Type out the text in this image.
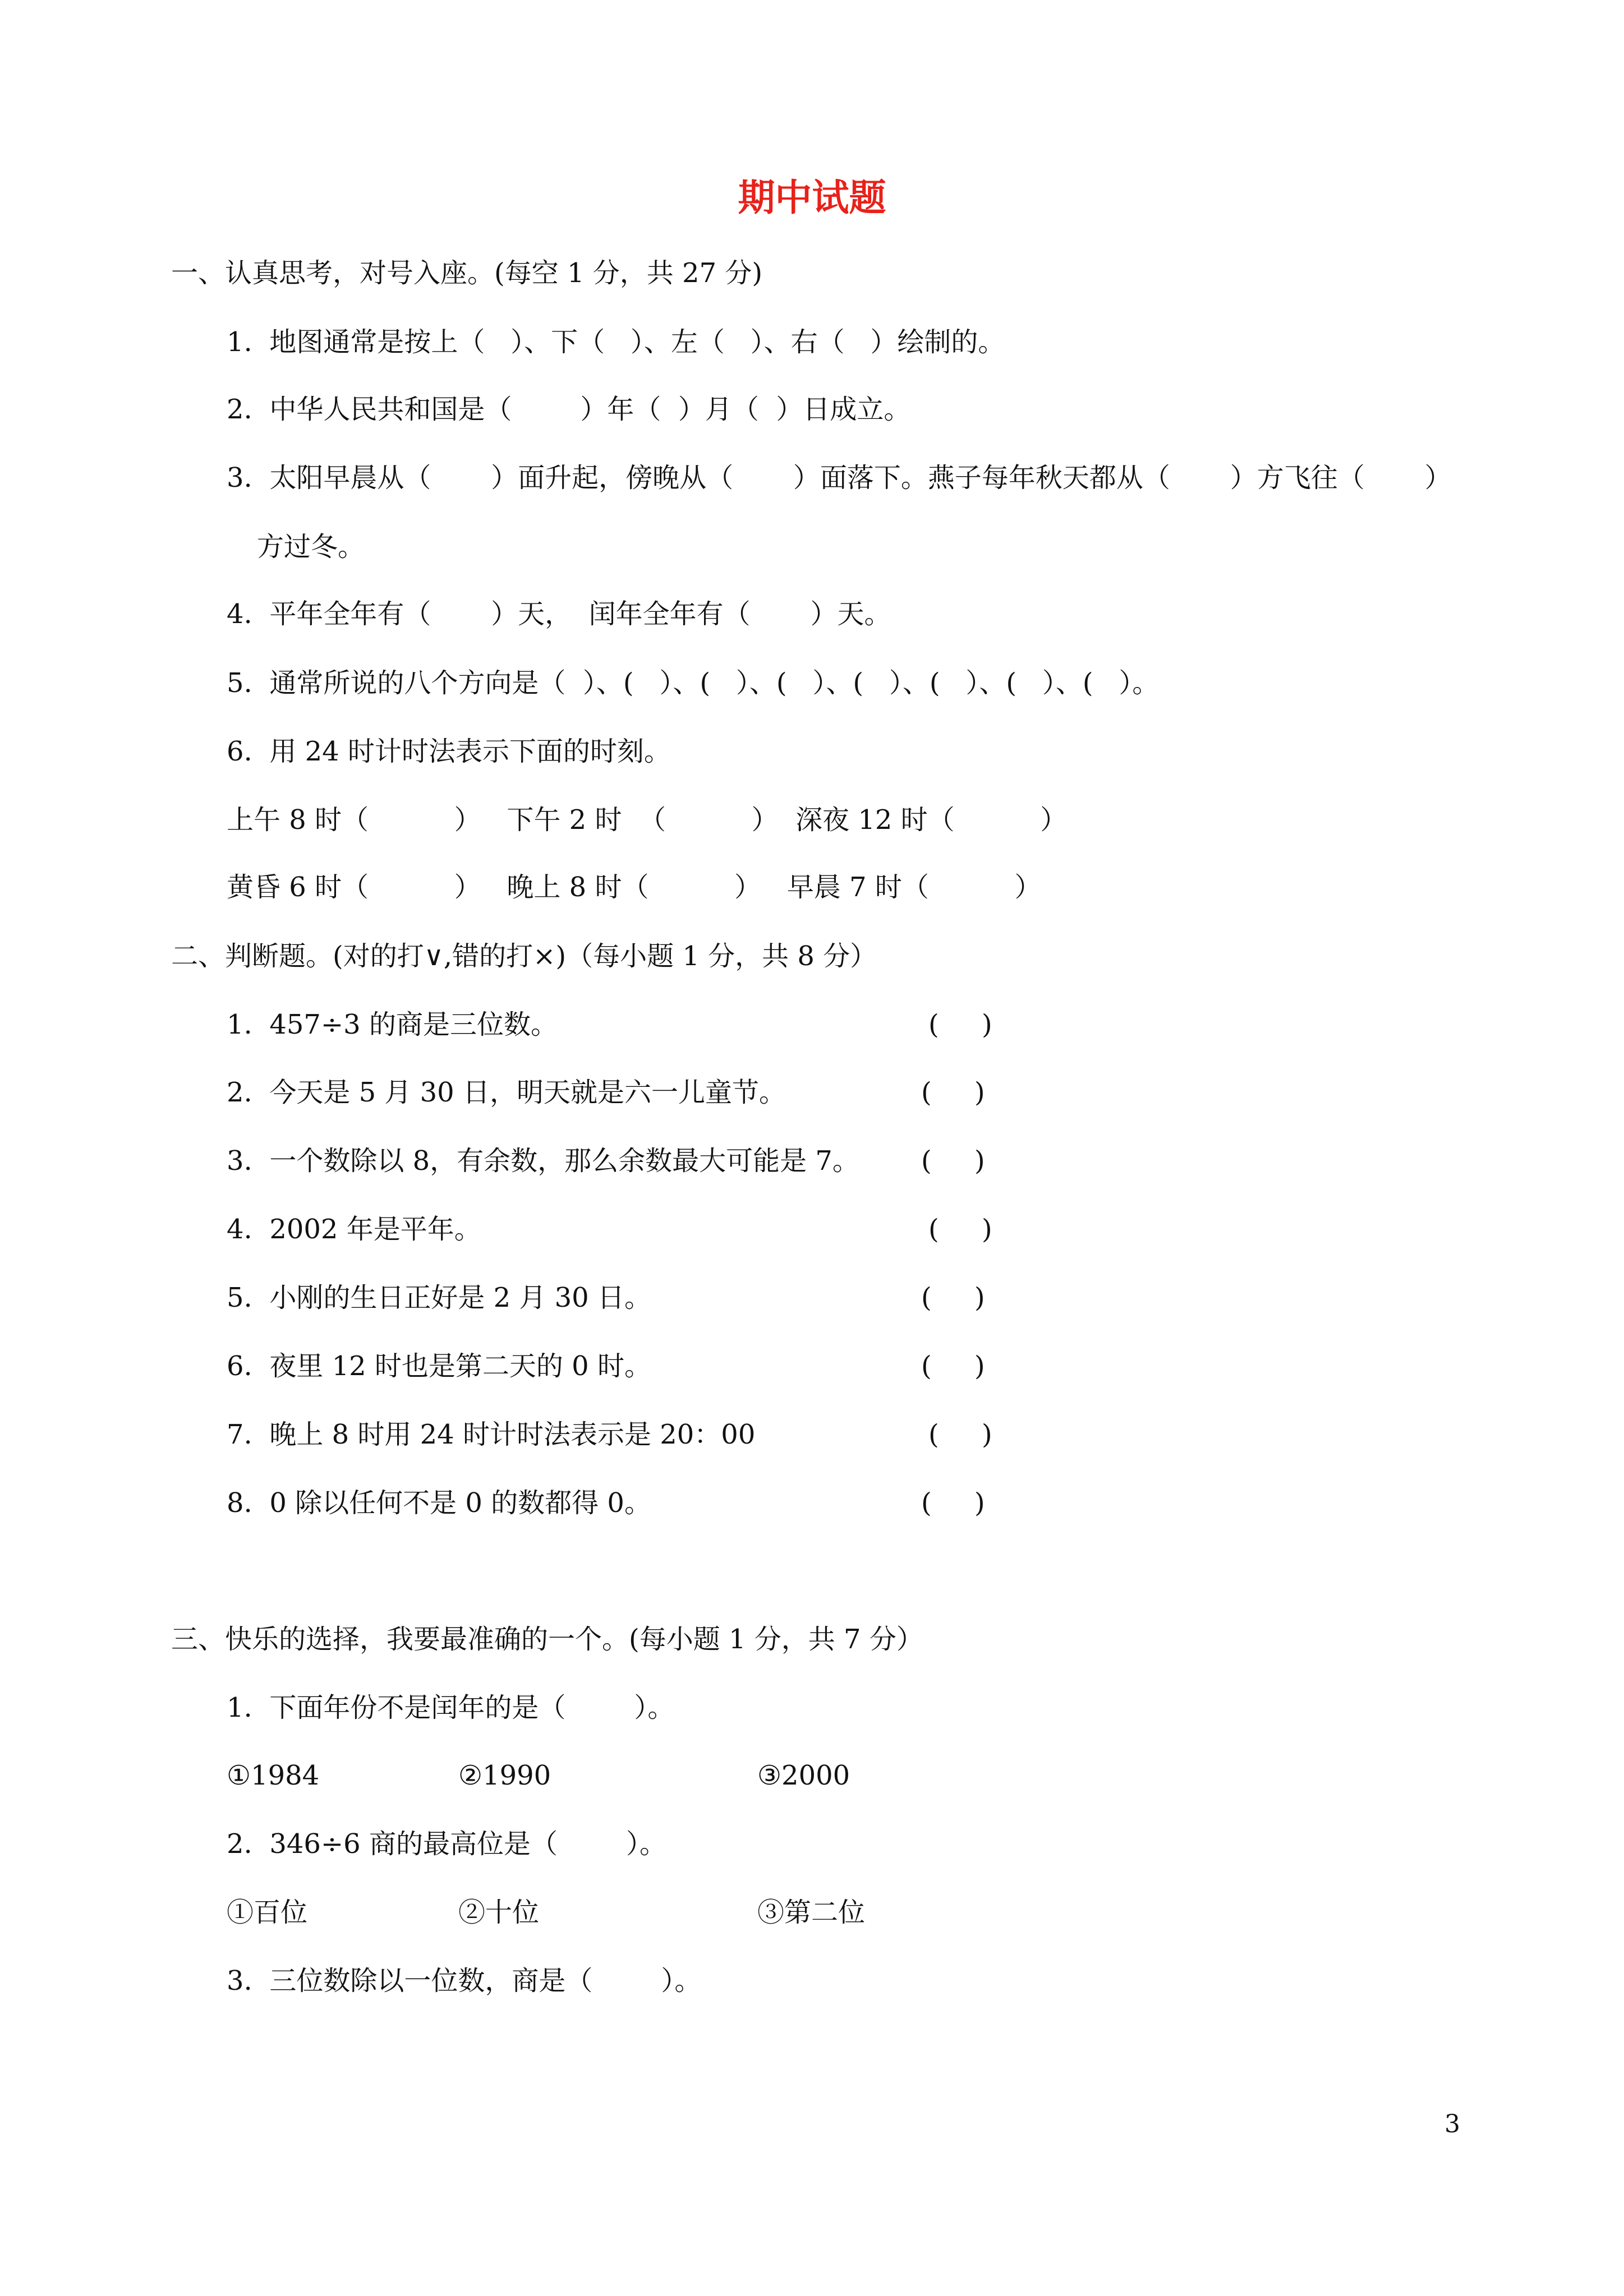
期中试题
一、认真思考，对号入座。(每空 1 分，共 27 分)
1.  地图通常是按上（   ）、下（   ）、左（   ）、右（   ）绘制的。
2.  中华人民共和国是（        ）年（  ）月（  ）日成立。
3.  太阳早晨从（       ）面升起，傍晚从（       ）面落下。燕子每年秋天都从（       ）方飞往（       ）
方过冬。
4.  平年全年有（       ）天，  闰年全年有（       ）天。
5.  通常所说的八个方向是（  ）、(   ）、(   ）、(   ）、(   ）、(   ）、(   ）、(   ）。
6.  用 24 时计时法表示下面的时刻。
上午 8 时（          ）   下午 2 时  （          ）  深夜 12 时（          ）
黄昏 6 时（          ）   晚上 8 时（          ）   早晨 7 时（          ）
二、判断题。(对的打∨,错的打×)（每小题 1 分，共 8 分）
1.  457÷3 的商是三位数。	(     )
2.  今天是 5 月 30 日，明天就是六一儿童节。	(     )
3.  一个数除以 8，有余数，那么余数最大可能是 7。 (     )
4.  2002 年是平年。	(     )
5.  小刚的生日正好是 2 月 30 日。	(     )
6.  夜里 12 时也是第二天的 0 时。	(     )
7.  晚上 8 时用 24 时计时法表示是 20：00	(     )
8.  0 除以任何不是 0 的数都得 0。	(     )
三、快乐的选择，我要最准确的一个。(每小题 1 分，共 7 分）
1.  下面年份不是闰年的是（        ）。
①1984	②1990	③2000
2.  346÷6 商的最高位是（        ）。
①百位	②十位	③第二位
3.  三位数除以一位数，商是（        ）。
3
